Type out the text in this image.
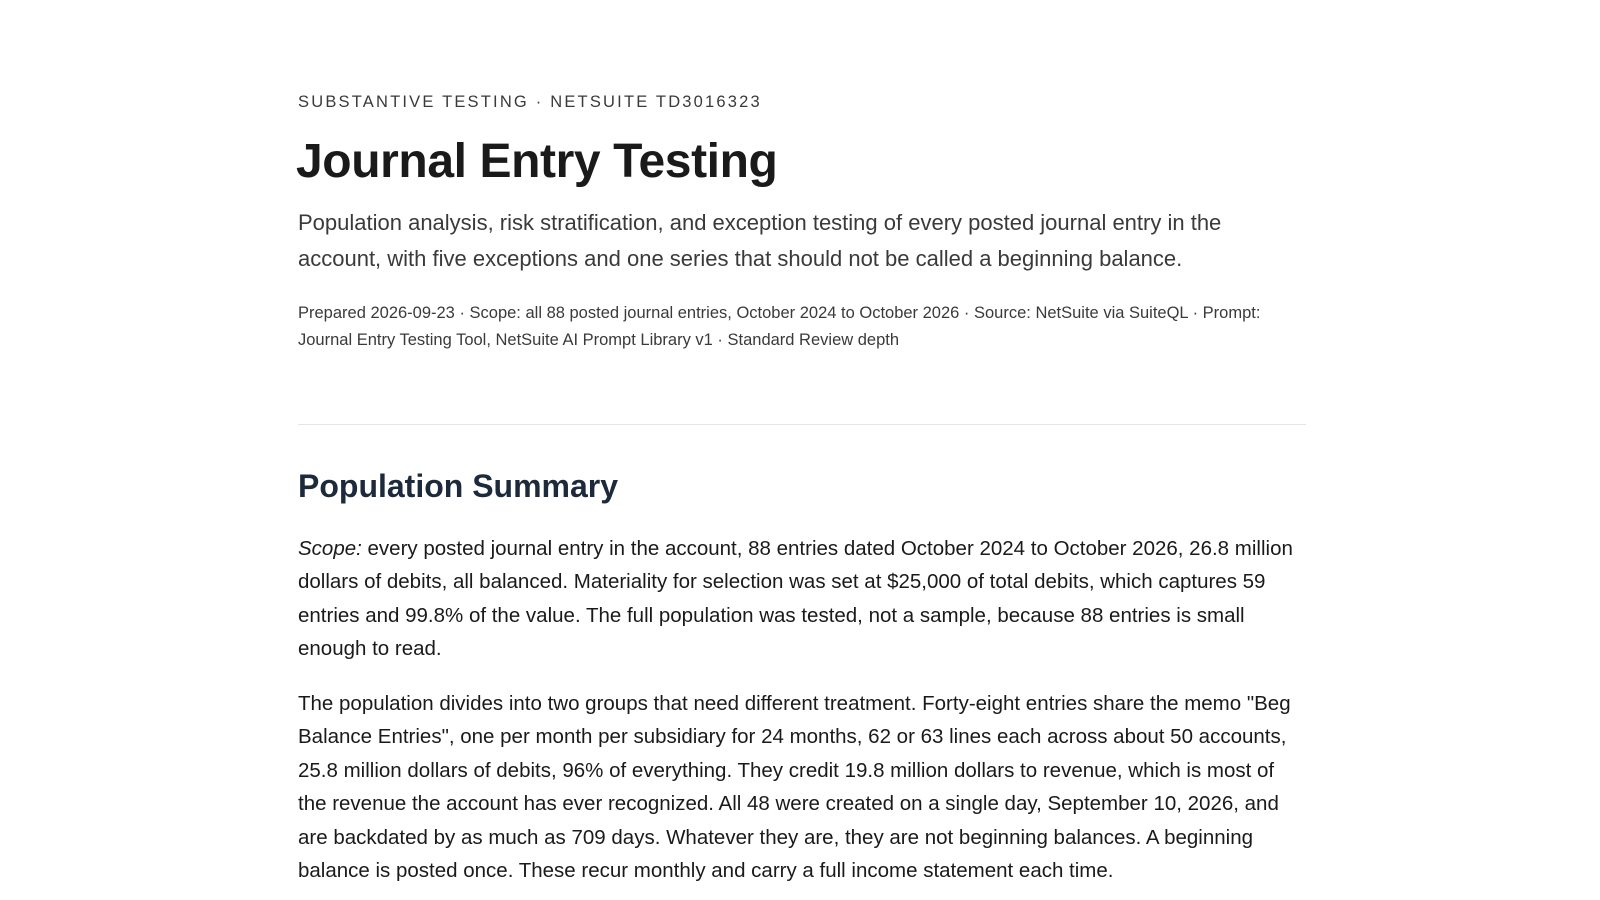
SUBSTANTIVE TESTING · NETSUITE TD3016323
Journal Entry Testing

Population analysis, risk stratification, and exception testing of every posted journal entry in the account, with five exceptions and one series that should not be called a beginning balance.

Prepared 2026-09-23 · Scope: all 88 posted journal entries, October 2024 to October 2026 · Source: NetSuite via SuiteQL · Prompt: Journal Entry Testing Tool, NetSuite AI Prompt Library v1 · Standard Review depth

Population Summary

Scope: every posted journal entry in the account, 88 entries dated October 2024 to October 2026, 26.8 million dollars of debits, all balanced. Materiality for selection was set at $25,000 of total debits, which captures 59 entries and 99.8% of the value. The full population was tested, not a sample, because 88 entries is small enough to read.

The population divides into two groups that need different treatment. Forty-eight entries share the memo "Beg Balance Entries", one per month per subsidiary for 24 months, 62 or 63 lines each across about 50 accounts, 25.8 million dollars of debits, 96% of everything. They credit 19.8 million dollars to revenue, which is most of the revenue the account has ever recognized. All 48 were created on a single day, September 10, 2026, and are backdated by as much as 709 days. Whatever they are, they are not beginning balances. A beginning balance is posted once. These recur monthly and carry a full income statement each time.
